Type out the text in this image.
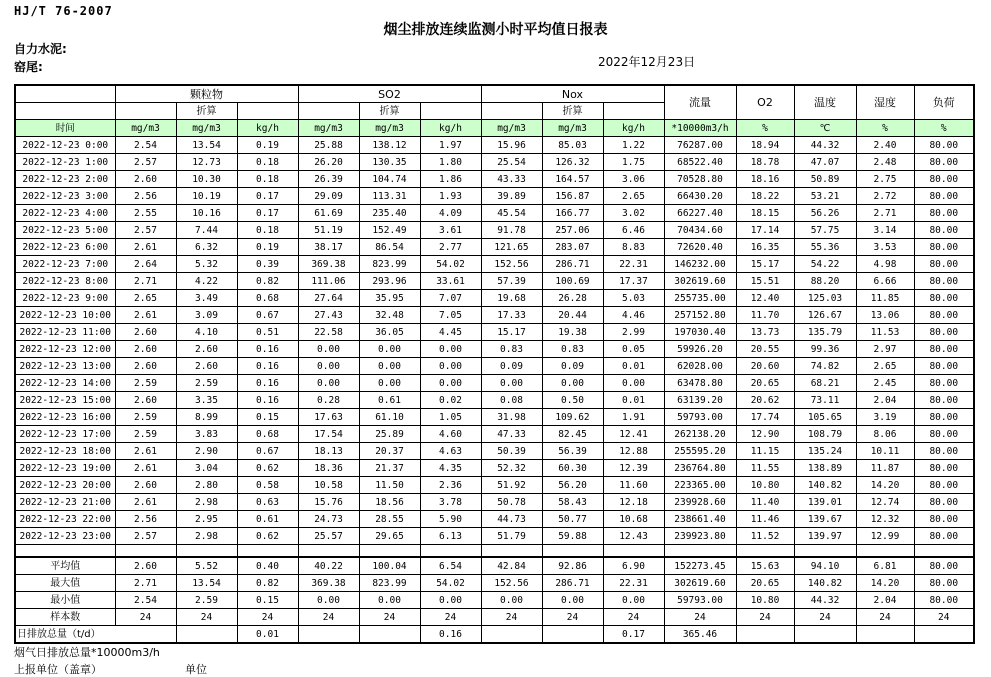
HJ/T 76-2007
烟尘排放连续监测小时平均值日报表
自力水泥:
窑尾:	2022年12月23日
	颗粒物			SO2			Nox			流量	O2	温度	湿度	负荷
		折算			折算			折算						
时间	mg/m3	mg/m3	kg/h	mg/m3	mg/m3	kg/h	mg/m3	mg/m3	kg/h	*10000m3/h	%	℃	%	%
2022-12-23 0:00	2.54	13.54	0.19	25.88	138.12	1.97	15.96	85.03	1.22	76287.00	18.94	44.32	2.40	80.00
2022-12-23 1:00	2.57	12.73	0.18	26.20	130.35	1.80	25.54	126.32	1.75	68522.40	18.78	47.07	2.48	80.00
2022-12-23 2:00	2.60	10.30	0.18	26.39	104.74	1.86	43.33	164.57	3.06	70528.80	18.16	50.89	2.75	80.00
2022-12-23 3:00	2.56	10.19	0.17	29.09	113.31	1.93	39.89	156.87	2.65	66430.20	18.22	53.21	2.72	80.00
2022-12-23 4:00	2.55	10.16	0.17	61.69	235.40	4.09	45.54	166.77	3.02	66227.40	18.15	56.26	2.71	80.00
2022-12-23 5:00	2.57	7.44	0.18	51.19	152.49	3.61	91.78	257.06	6.46	70434.60	17.14	57.75	3.14	80.00
2022-12-23 6:00	2.61	6.32	0.19	38.17	86.54	2.77	121.65	283.07	8.83	72620.40	16.35	55.36	3.53	80.00
2022-12-23 7:00	2.64	5.32	0.39	369.38	823.99	54.02	152.56	286.71	22.31	146232.00	15.17	54.22	4.98	80.00
2022-12-23 8:00	2.71	4.22	0.82	111.06	293.96	33.61	57.39	100.69	17.37	302619.60	15.51	88.20	6.66	80.00
2022-12-23 9:00	2.65	3.49	0.68	27.64	35.95	7.07	19.68	26.28	5.03	255735.00	12.40	125.03	11.85	80.00
2022-12-23 10:00	2.61	3.09	0.67	27.43	32.48	7.05	17.33	20.44	4.46	257152.80	11.70	126.67	13.06	80.00
2022-12-23 11:00	2.60	4.10	0.51	22.58	36.05	4.45	15.17	19.38	2.99	197030.40	13.73	135.79	11.53	80.00
2022-12-23 12:00	2.60	2.60	0.16	0.00	0.00	0.00	0.83	0.83	0.05	59926.20	20.55	99.36	2.97	80.00
2022-12-23 13:00	2.60	2.60	0.16	0.00	0.00	0.00	0.09	0.09	0.01	62028.00	20.60	74.82	2.65	80.00
2022-12-23 14:00	2.59	2.59	0.16	0.00	0.00	0.00	0.00	0.00	0.00	63478.80	20.65	68.21	2.45	80.00
2022-12-23 15:00	2.60	3.35	0.16	0.28	0.61	0.02	0.08	0.50	0.01	63139.20	20.62	73.11	2.04	80.00
2022-12-23 16:00	2.59	8.99	0.15	17.63	61.10	1.05	31.98	109.62	1.91	59793.00	17.74	105.65	3.19	80.00
2022-12-23 17:00	2.59	3.83	0.68	17.54	25.89	4.60	47.33	82.45	12.41	262138.20	12.90	108.79	8.06	80.00
2022-12-23 18:00	2.61	2.90	0.67	18.13	20.37	4.63	50.39	56.39	12.88	255595.20	11.15	135.24	10.11	80.00
2022-12-23 19:00	2.61	3.04	0.62	18.36	21.37	4.35	52.32	60.30	12.39	236764.80	11.55	138.89	11.87	80.00
2022-12-23 20:00	2.60	2.80	0.58	10.58	11.50	2.36	51.92	56.20	11.60	223365.00	10.80	140.82	14.20	80.00
2022-12-23 21:00	2.61	2.98	0.63	15.76	18.56	3.78	50.78	58.43	12.18	239928.60	11.40	139.01	12.74	80.00
2022-12-23 22:00	2.56	2.95	0.61	24.73	28.55	5.90	44.73	50.77	10.68	238661.40	11.46	139.67	12.32	80.00
2022-12-23 23:00	2.57	2.98	0.62	25.57	29.65	6.13	51.79	59.88	12.43	239923.80	11.52	139.97	12.99	80.00

平均值	2.60	5.52	0.40	40.22	100.04	6.54	42.84	92.86	6.90	152273.45	15.63	94.10	6.81	80.00
最大值	2.71	13.54	0.82	369.38	823.99	54.02	152.56	286.71	22.31	302619.60	20.65	140.82	14.20	80.00
最小值	2.54	2.59	0.15	0.00	0.00	0.00	0.00	0.00	0.00	59793.00	10.80	44.32	2.04	80.00
样本数	24	24	24	24	24	24	24	24	24	24	24	24	24	24
日排放总量（t/d）			0.01			0.16			0.17	365.46				
烟气日排放总量*10000m3/h
上报单位（盖章）	单位
